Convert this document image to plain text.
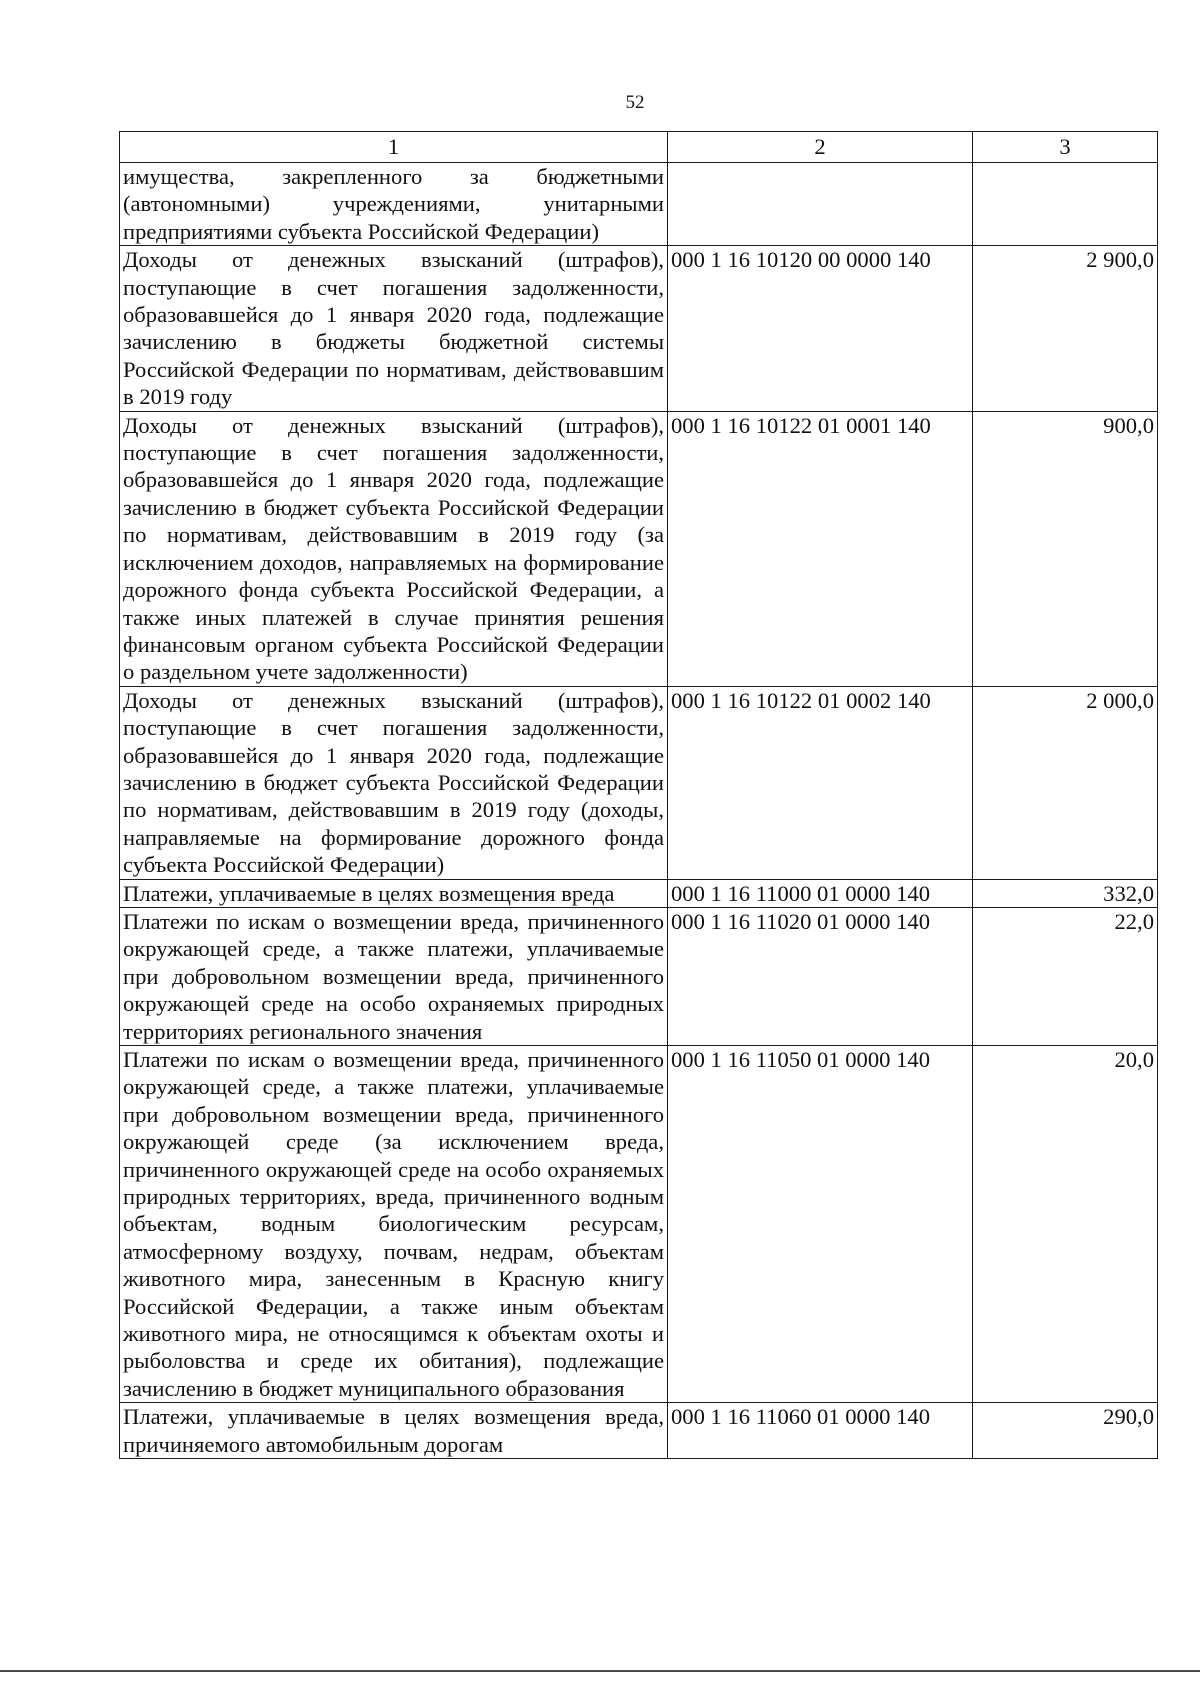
52
1	2	3
имущества, закрепленного за бюджетными (автономными) учреждениями, унитарными предприятиями субъекта Российской Федерации)		
Доходы от денежных взысканий (штрафов), поступающие в счет погашения задолженности, образовавшейся до 1 января 2020 года, подлежащие зачислению в бюджеты бюджетной системы Российской Федерации по нормативам, действовавшим в 2019 году	000 1 16 10120 00 0000 140	2 900,0
Доходы от денежных взысканий (штрафов), поступающие в счет погашения задолженности, образовавшейся до 1 января 2020 года, подлежащие зачислению в бюджет субъекта Российской Федерации по нормативам, действовавшим в 2019 году (за исключением доходов, направляемых на формирование дорожного фонда субъекта Российской Федерации, а также иных платежей в случае принятия решения финансовым органом субъекта Российской Федерации о раздельном учете задолженности)	000 1 16 10122 01 0001 140	900,0
Доходы от денежных взысканий (штрафов), поступающие в счет погашения задолженности, образовавшейся до 1 января 2020 года, подлежащие зачислению в бюджет субъекта Российской Федерации по нормативам, действовавшим в 2019 году (доходы, направляемые на формирование дорожного фонда субъекта Российской Федерации)	000 1 16 10122 01 0002 140	2 000,0
Платежи, уплачиваемые в целях возмещения вреда	000 1 16 11000 01 0000 140	332,0
Платежи по искам о возмещении вреда, причиненного окружающей среде, а также платежи, уплачиваемые при добровольном возмещении вреда, причиненного окружающей среде на особо охраняемых природных территориях регионального значения	000 1 16 11020 01 0000 140	22,0
Платежи по искам о возмещении вреда, причиненного окружающей среде, а также платежи, уплачиваемые при добровольном возмещении вреда, причиненного окружающей среде (за исключением вреда, причиненного окружающей среде на особо охраняемых природных территориях, вреда, причиненного водным объектам, водным биологическим ресурсам, атмосферному воздуху, почвам, недрам, объектам животного мира, занесенным в Красную книгу Российской Федерации, а также иным объектам животного мира, не относящимся к объектам охоты и рыболовства и среде их обитания), подлежащие зачислению в бюджет муниципального образования	000 1 16 11050 01 0000 140	20,0
Платежи, уплачиваемые в целях возмещения вреда, причиняемого автомобильным дорогам	000 1 16 11060 01 0000 140	290,0
